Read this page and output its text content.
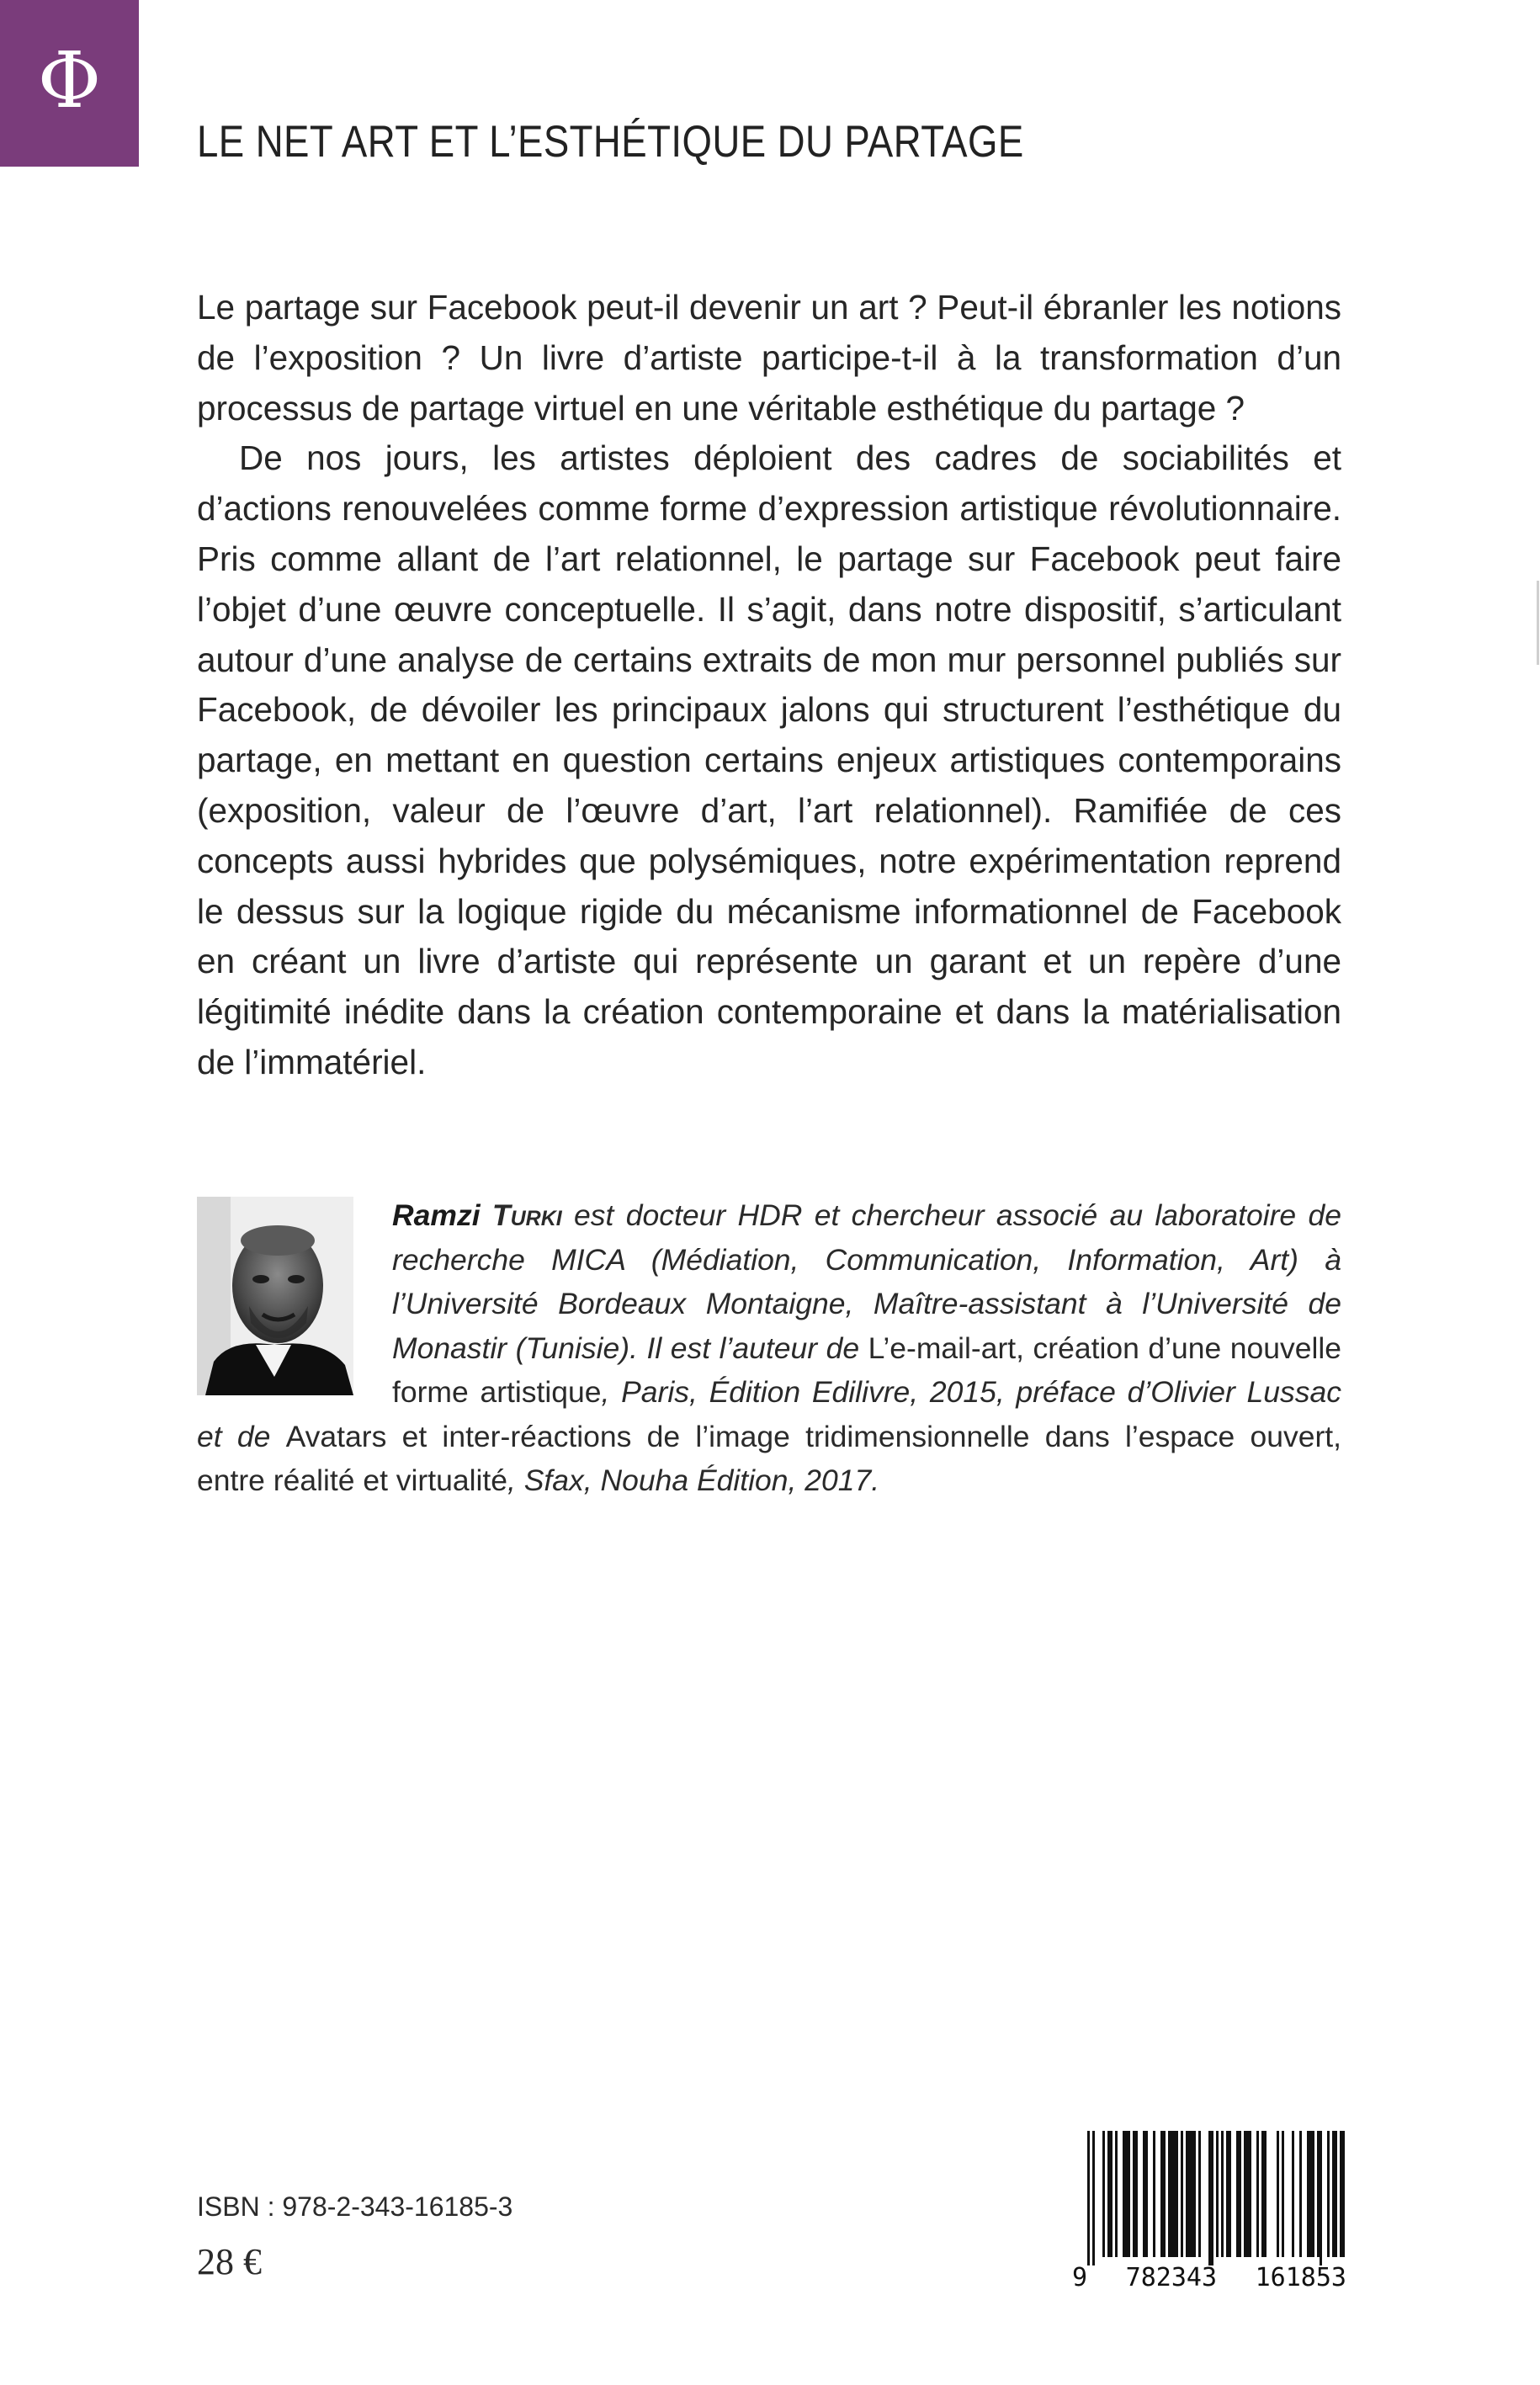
Φ
LE NET ART ET L’ESTHÉTIQUE DU PARTAGE

Le partage sur Facebook peut-il devenir un art ? Peut-il ébranler les notions de l’exposition ? Un livre d’artiste participe-t-il à la transformation d’un processus de partage virtuel en une véritable esthétique du partage ?

De nos jours, les artistes déploient des cadres de sociabilités et d’actions renouvelées comme forme d’expression artistique révolutionnaire. Pris comme allant de l’art relationnel, le partage sur Facebook peut faire l’objet d’une œuvre conceptuelle. Il s’agit, dans notre dispositif, s’articulant autour d’une analyse de certains extraits de mon mur personnel publiés sur Facebook, de dévoiler les principaux jalons qui structurent l’esthétique du partage, en mettant en question certains enjeux artistiques contemporains (exposition, valeur de l’œuvre d’art, l’art relationnel). Ramifiée de ces concepts aussi hybrides que polysémiques, notre expérimentation reprend le dessus sur la logique rigide du mécanisme informationnel de Facebook en créant un livre d’artiste qui représente un garant et un repère d’une légitimité inédite dans la création contemporaine et dans la matérialisation de l’immatériel.

Ramzi Turki est docteur HDR et chercheur associé au laboratoire de recherche MICA (Médiation, Communication, Information, Art) à l’Université Bordeaux Montaigne, Maître-assistant à l’Université de Monastir (Tunisie). Il est l’auteur de L’e-mail-art, création d’une nouvelle forme artistique, Paris, Édition Edilivre, 2015, préface d’Olivier Lussac et de Avatars et inter-réactions de l’image tridimensionnelle dans l’espace ouvert, entre réalité et virtualité, Sfax, Nouha Édition, 2017.

ISBN : 978-2-343-16185-3

28 €	9 782343 161853
